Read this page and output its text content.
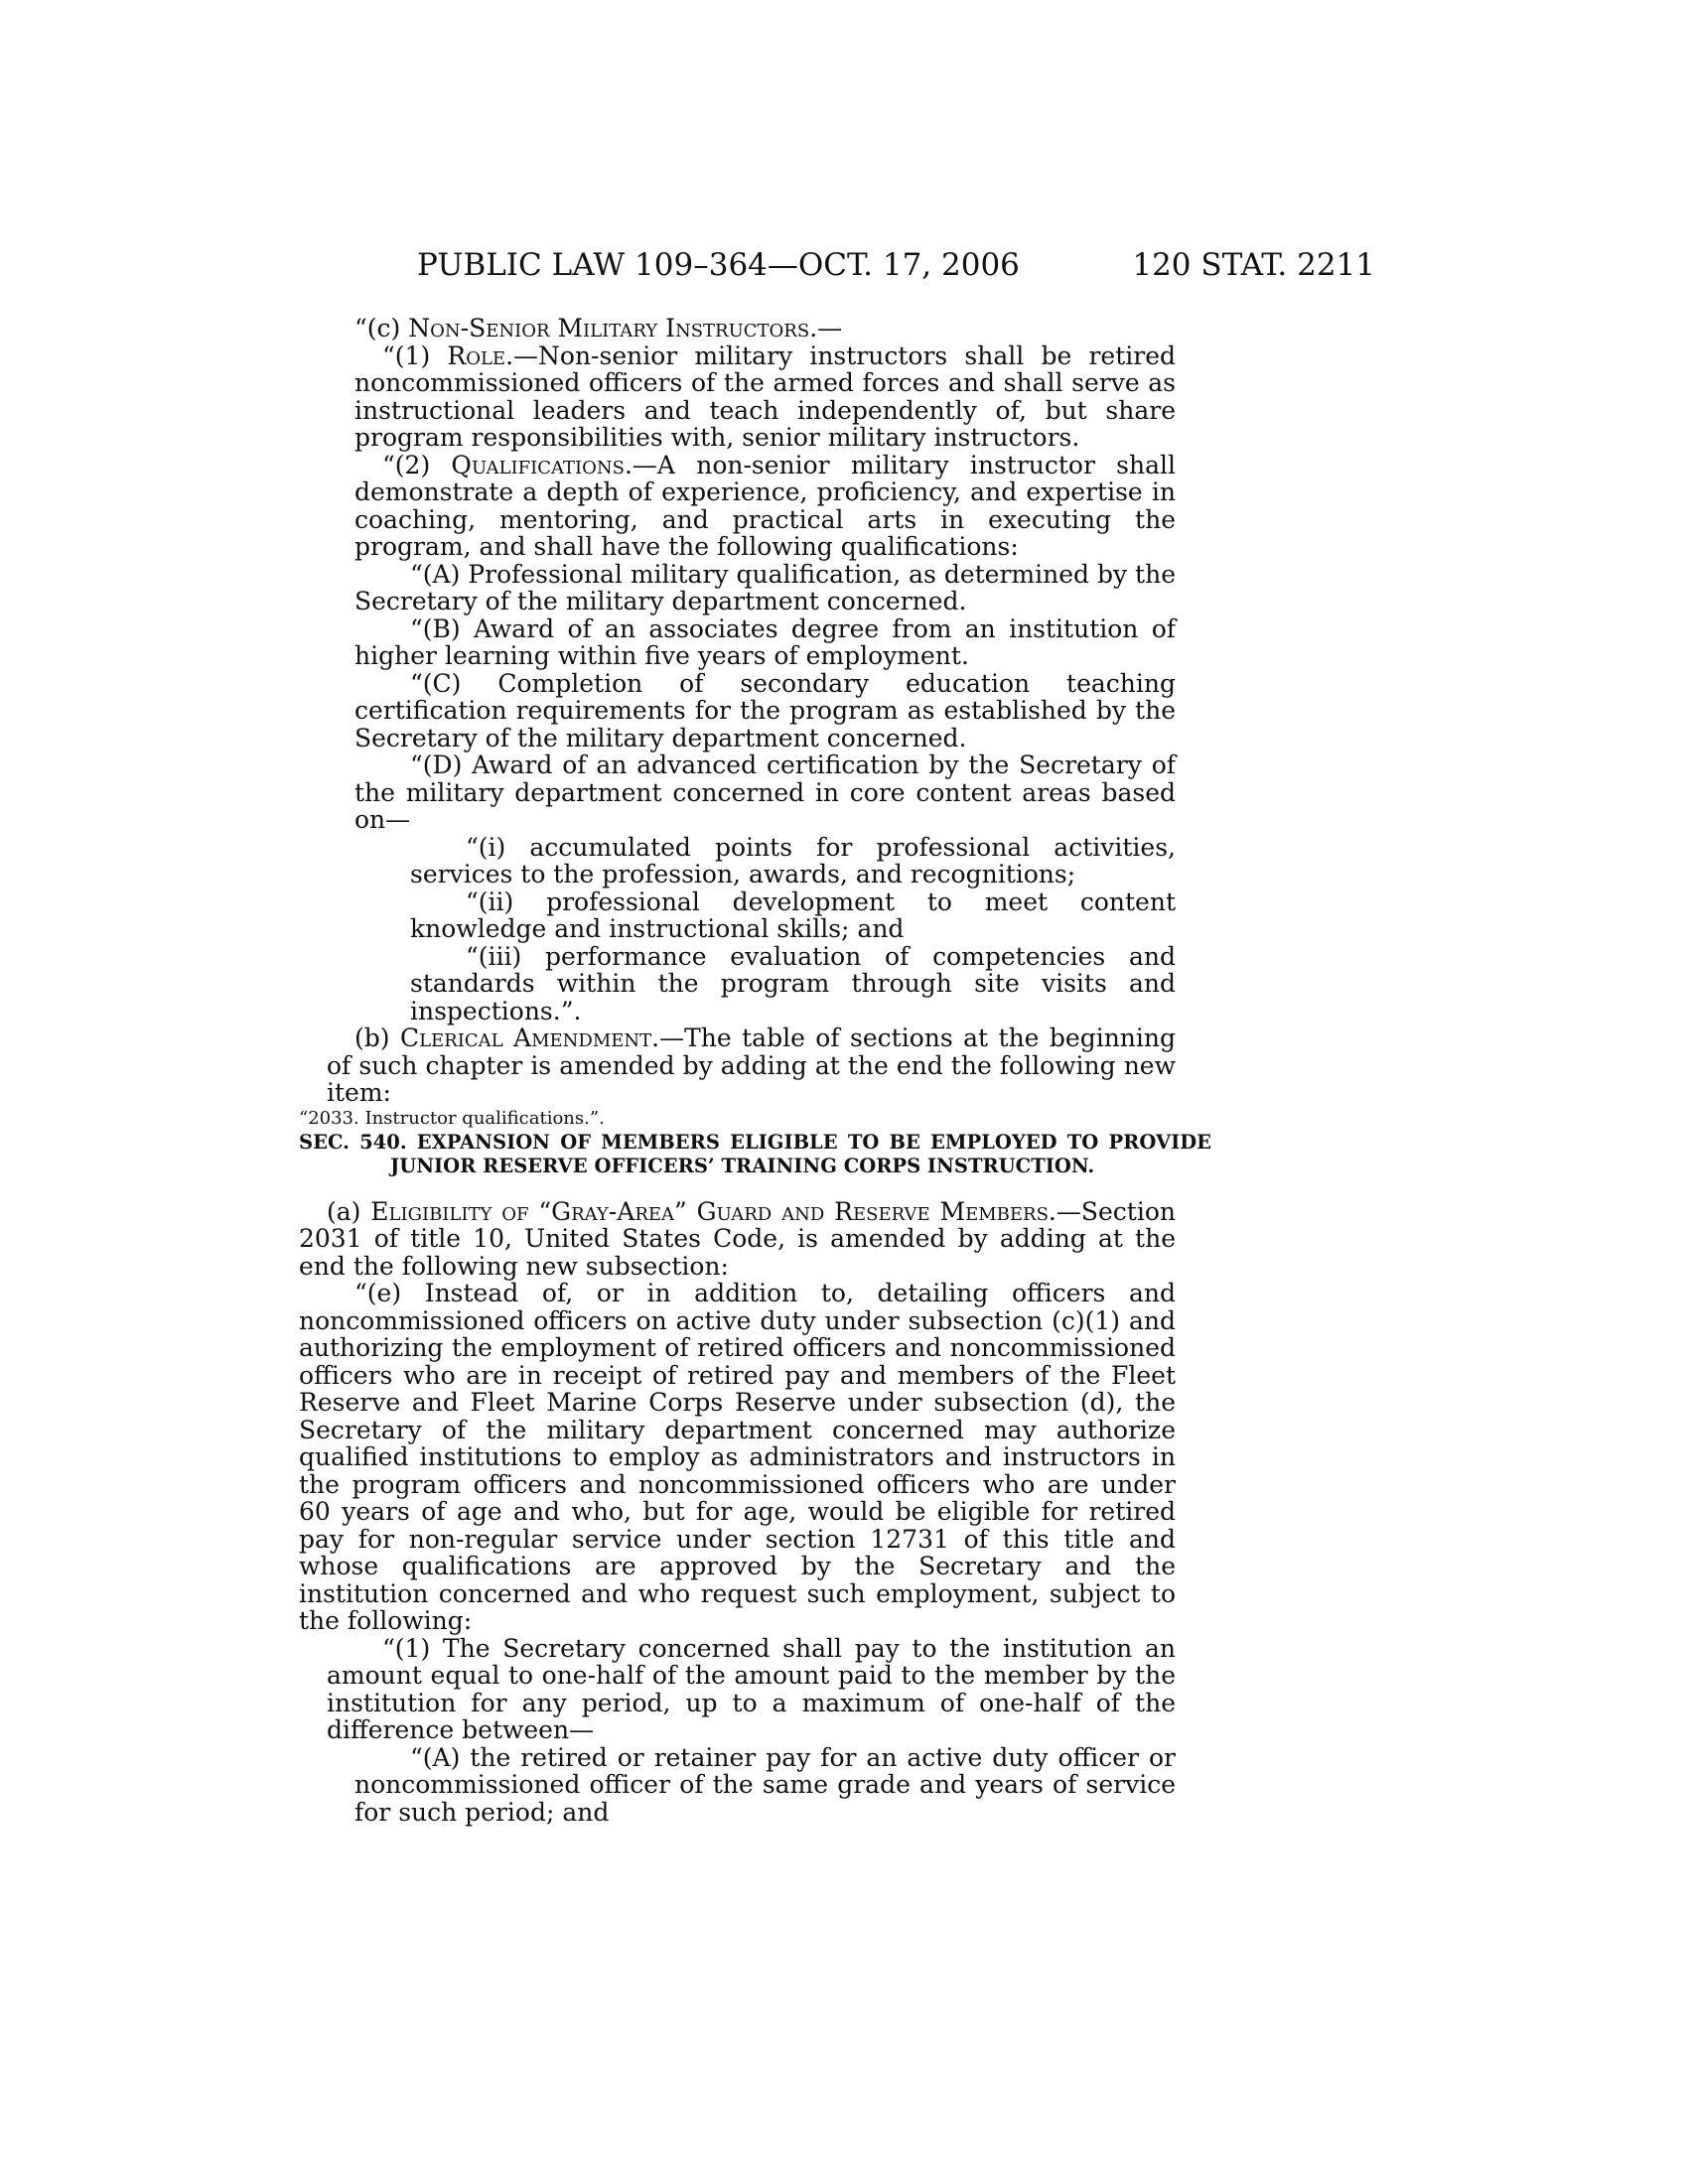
PUBLIC LAW 109–364—OCT. 17, 2006	120 STAT. 2211

“(c) Non-Senior Military Instructors.—

“(1) Role.—Non-senior military instructors shall be retired noncommissioned officers of the armed forces and shall serve as instructional leaders and teach independently of, but share program responsibilities with, senior military instructors.

“(2) Qualifications.—A non-senior military instructor shall demonstrate a depth of experience, proficiency, and expertise in coaching, mentoring, and practical arts in executing the program, and shall have the following qualifications:

“(A) Professional military qualification, as determined by the Secretary of the military department concerned.

“(B) Award of an associates degree from an institution of higher learning within five years of employment.

“(C) Completion of secondary education teaching certification requirements for the program as established by the Secretary of the military department concerned.

“(D) Award of an advanced certification by the Secretary of the military department concerned in core content areas based on—

“(i) accumulated points for professional activities, services to the profession, awards, and recognitions;

“(ii) professional development to meet content knowledge and instructional skills; and

“(iii) performance evaluation of competencies and standards within the program through site visits and inspections.”.

(b) Clerical Amendment.—The table of sections at the beginning of such chapter is amended by adding at the end the following new item:

“2033. Instructor qualifications.”.

SEC. 540. EXPANSION OF MEMBERS ELIGIBLE TO BE EMPLOYED TO PROVIDE JUNIOR RESERVE OFFICERS’ TRAINING CORPS INSTRUCTION.

(a) Eligibility of “Gray-Area” Guard and Reserve Members.—Section 2031 of title 10, United States Code, is amended by adding at the end the following new subsection:

“(e) Instead of, or in addition to, detailing officers and noncommissioned officers on active duty under subsection (c)(1) and authorizing the employment of retired officers and noncommissioned officers who are in receipt of retired pay and members of the Fleet Reserve and Fleet Marine Corps Reserve under subsection (d), the Secretary of the military department concerned may authorize qualified institutions to employ as administrators and instructors in the program officers and noncommissioned officers who are under 60 years of age and who, but for age, would be eligible for retired pay for non-regular service under section 12731 of this title and whose qualifications are approved by the Secretary and the institution concerned and who request such employment, subject to the following:

“(1) The Secretary concerned shall pay to the institution an amount equal to one-half of the amount paid to the member by the institution for any period, up to a maximum of one-half of the difference between—

“(A) the retired or retainer pay for an active duty officer or noncommissioned officer of the same grade and years of service for such period; and
